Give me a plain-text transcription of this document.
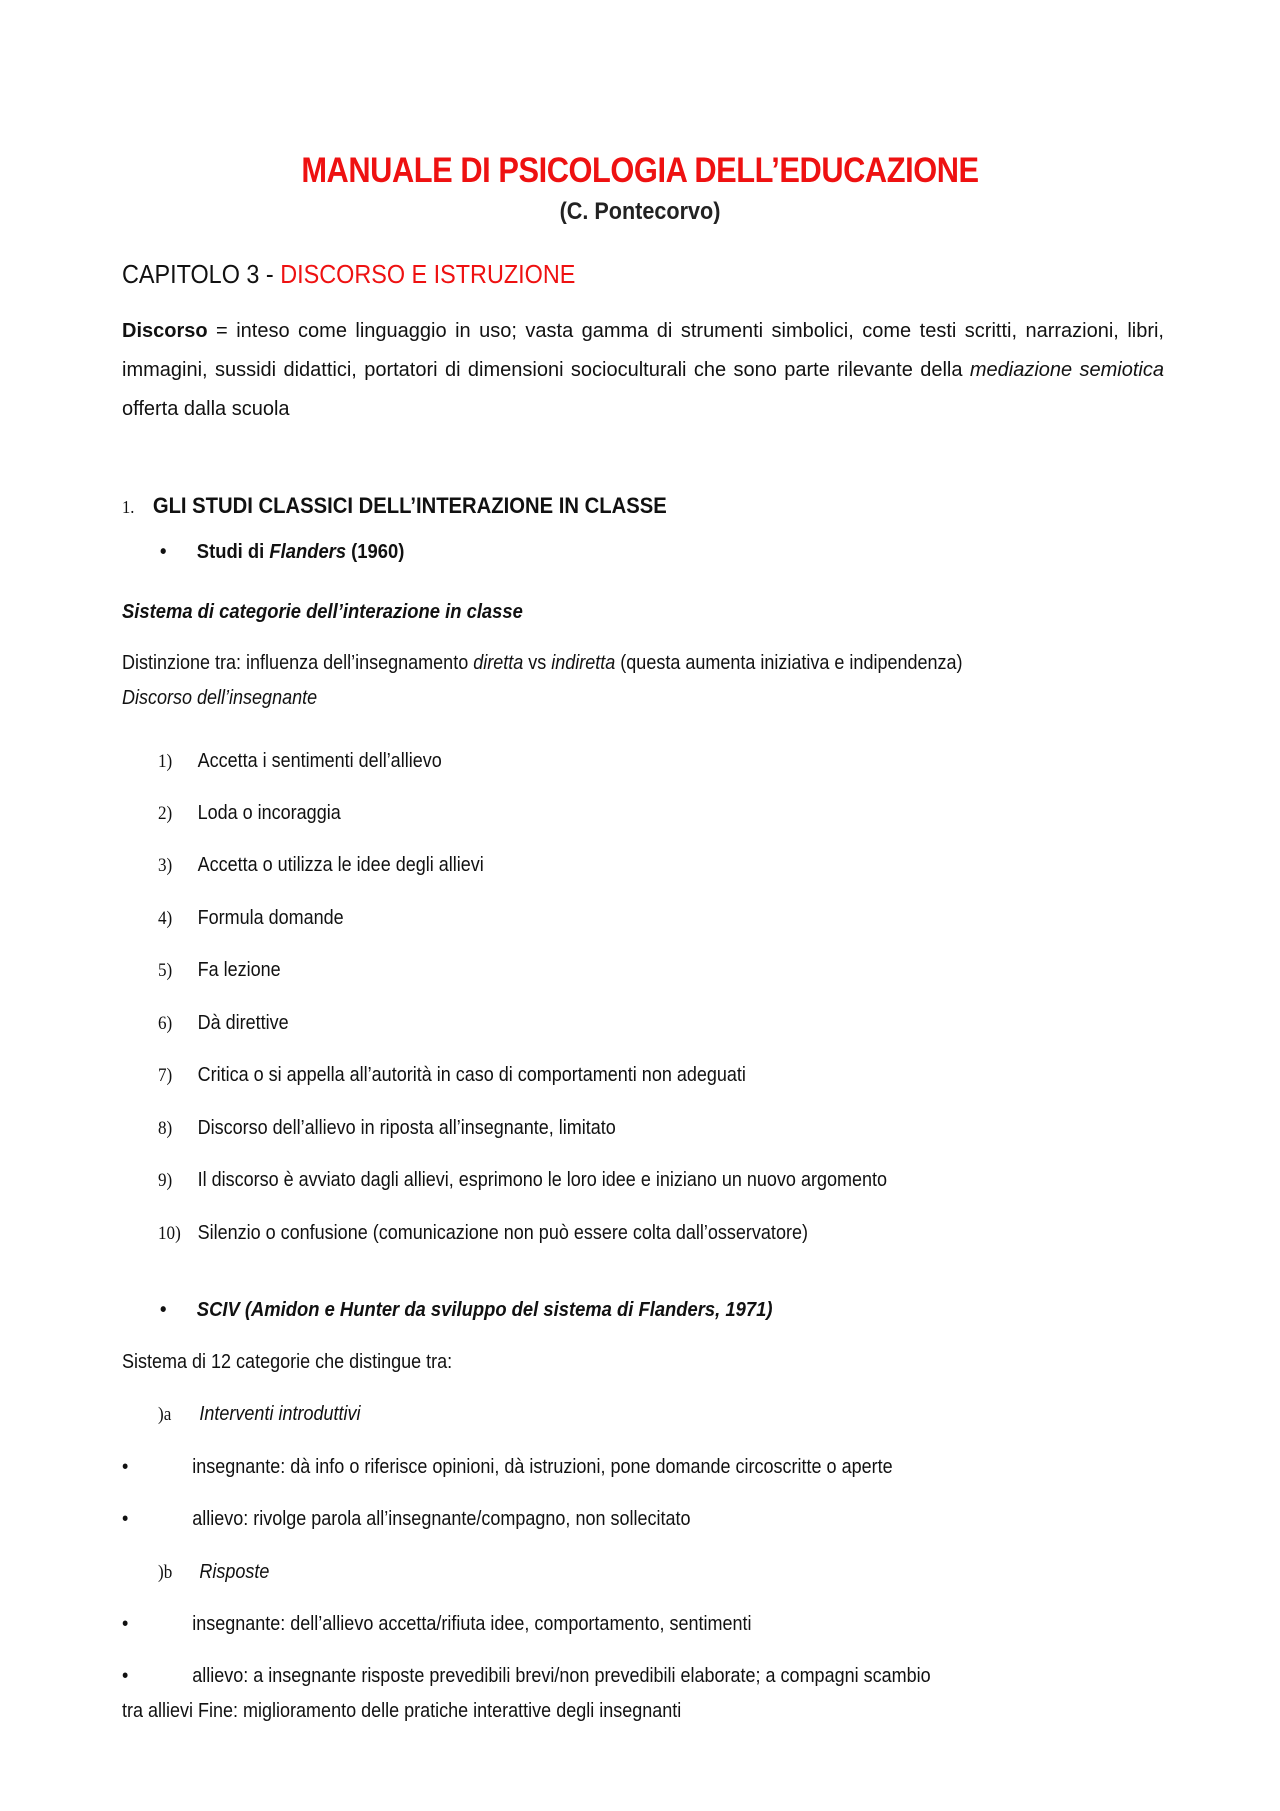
MANUALE DI PSICOLOGIA DELL’EDUCAZIONE
(C. Pontecorvo)
CAPITOLO 3 - DISCORSO E ISTRUZIONE
Discorso = inteso come linguaggio in uso; vasta gamma di strumenti simbolici, come testi scritti, narrazioni, libri, immagini, sussidi didattici, portatori di dimensioni socioculturali che sono parte rilevante della mediazione semiotica offerta dalla scuola
1. GLI STUDI CLASSICI DELL’INTERAZIONE IN CLASSE
• Studi di Flanders (1960)
Sistema di categorie dell’interazione in classe
Distinzione tra: influenza dell’insegnamento diretta vs indiretta (questa aumenta iniziativa e indipendenza)
Discorso dell’insegnante
1) Accetta i sentimenti dell’allievo
2) Loda o incoraggia
3) Accetta o utilizza le idee degli allievi
4) Formula domande
5) Fa lezione
6) Dà direttive
7) Critica o si appella all’autorità in caso di comportamenti non adeguati
8) Discorso dell’allievo in riposta all’insegnante, limitato
9) Il discorso è avviato dagli allievi, esprimono le loro idee e iniziano un nuovo argomento
10) Silenzio o confusione (comunicazione non può essere colta dall’osservatore)
• SCIV (Amidon e Hunter da sviluppo del sistema di Flanders, 1971)
Sistema di 12 categorie che distingue tra:
)a Interventi introduttivi
•	insegnante: dà info o riferisce opinioni, dà istruzioni, pone domande circoscritte o aperte
•	allievo: rivolge parola all’insegnante/compagno, non sollecitato
)b Risposte
•	insegnante: dell’allievo accetta/rifiuta idee, comportamento, sentimenti
•	allievo: a insegnante risposte prevedibili brevi/non prevedibili elaborate; a compagni scambio
tra allievi Fine: miglioramento delle pratiche interattive degli insegnanti
